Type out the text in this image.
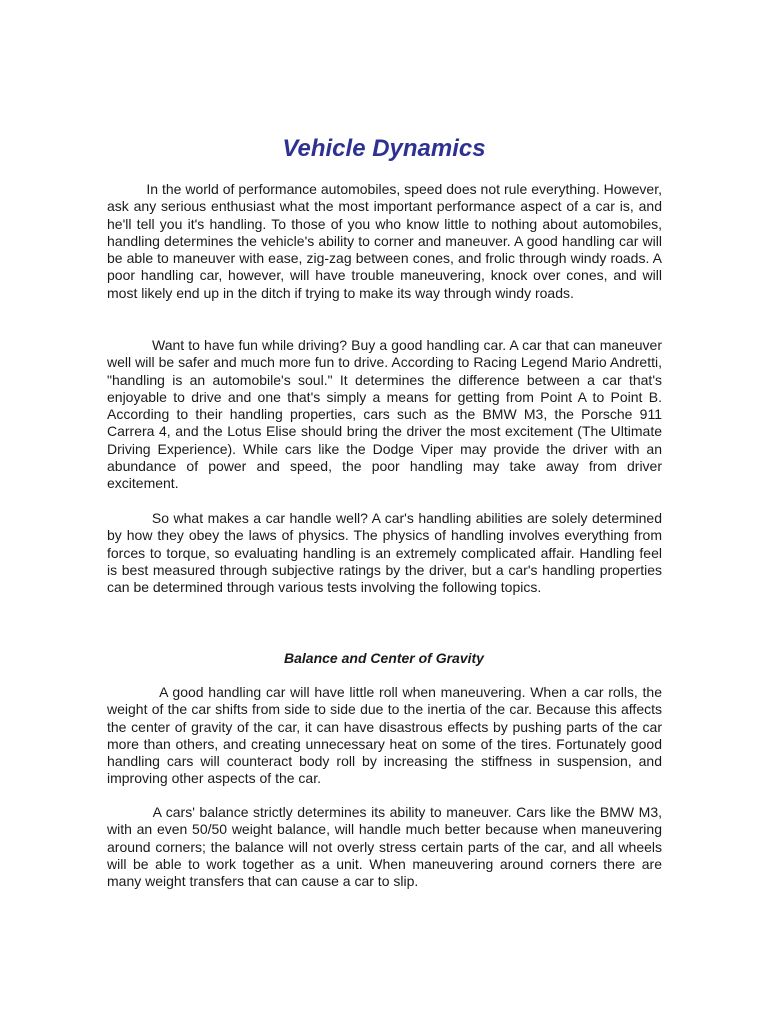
Vehicle Dynamics

In the world of performance automobiles, speed does not rule everything. However, ask any serious enthusiast what the most important performance aspect of a car is, and he'll tell you it's handling. To those of you who know little to nothing about automobiles, handling determines the vehicle's ability to corner and maneuver. A good handling car will be able to maneuver with ease, zig-zag between cones, and frolic through windy roads. A poor handling car, however, will have trouble maneuvering, knock over cones, and will most likely end up in the ditch if trying to make its way through windy roads.

Want to have fun while driving? Buy a good handling car. A car that can maneuver well will be safer and much more fun to drive. According to Racing Legend Mario Andretti, "handling is an automobile's soul." It determines the difference between a car that's enjoyable to drive and one that's simply a means for getting from Point A to Point B. According to their handling properties, cars such as the BMW M3, the Porsche 911 Carrera 4, and the Lotus Elise should bring the driver the most excitement (The Ultimate Driving Experience). While cars like the Dodge Viper may provide the driver with an abundance of power and speed, the poor handling may take away from driver excitement.

So what makes a car handle well? A car's handling abilities are solely determined by how they obey the laws of physics. The physics of handling involves everything from forces to torque, so evaluating handling is an extremely complicated affair. Handling feel is best measured through subjective ratings by the driver, but a car's handling properties can be determined through various tests involving the following topics.

Balance and Center of Gravity

A good handling car will have little roll when maneuvering. When a car rolls, the weight of the car shifts from side to side due to the inertia of the car. Because this affects the center of gravity of the car, it can have disastrous effects by pushing parts of the car more than others, and creating unnecessary heat on some of the tires. Fortunately good handling cars will counteract body roll by increasing the stiffness in suspension, and improving other aspects of the car.

A cars' balance strictly determines its ability to maneuver. Cars like the BMW M3, with an even 50/50 weight balance, will handle much better because when maneuvering around corners; the balance will not overly stress certain parts of the car, and all wheels will be able to work together as a unit. When maneuvering around corners there are many weight transfers that can cause a car to slip.
